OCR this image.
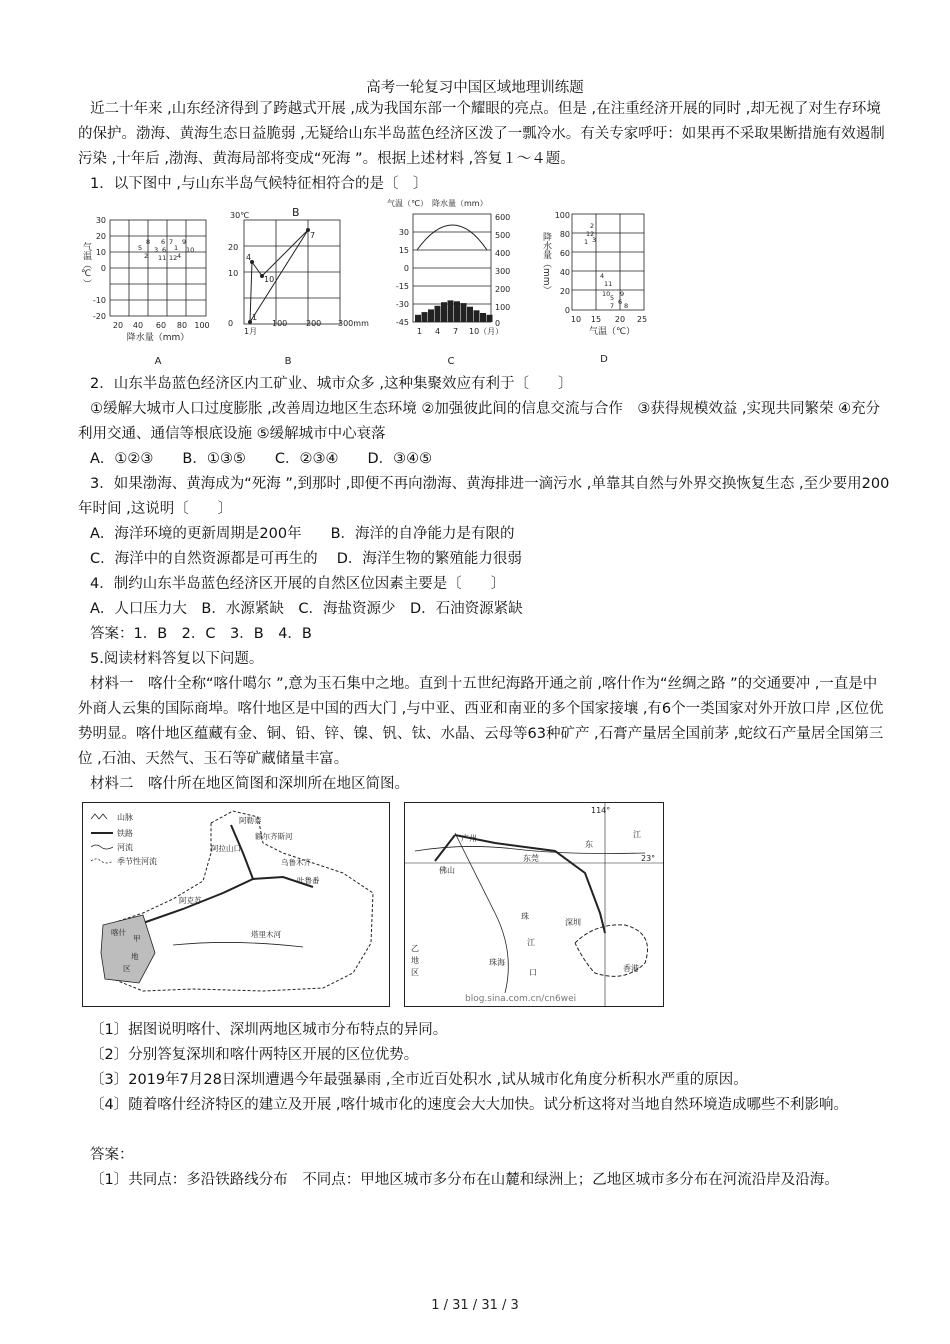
高考一轮复习中国区域地理训练题
近二十年来 ,山东经济得到了跨越式开展 ,成为我国东部一个耀眼的亮点。但是 ,在注重经济开展的同时 ,却无视了对生存环境的保护。渤海、黄海生态日益脆弱 ,无疑给山东半岛蓝色经济区泼了一瓢冷水。有关专家呼吁：如果再不采取果断措施有效遏制污染 ,十年后 ,渤海、黄海局部将变成“死海 ”。根据上述材料 ,答复１～４题。
1．以下图中 ,与山东半岛气候特征相符合的是〔　〕
30
20
10
0
-10
-20
20 40 60 80 100
降水量（mm）
气温（℃）	8
5
6 7
2
3 6
12
11
1
4
9
10
A
30℃	B
20
10
0
1月
100 200 300mm
1
4
7
10
B
气温（℃）　降水量（mm）
30
15
0
-15
-30
-45
600
500
400
300
200
100
0
1 4 7 10（月）
C
100
80
60
40
20
0
10 15 20 25
气温（℃）
降水量（mm）
2
12
3
1
4
11
10 9
5 6
7 8
D
2．山东半岛蓝色经济区内工矿业、城市众多 ,这种集聚效应有利于〔　　〕
①缓解大城市人口过度膨胀 ,改善周边地区生态环境 ②加强彼此间的信息交流与合作　③获得规模效益 ,实现共同繁荣 ④充分利用交通、通信等根底设施 ⑤缓解城市中心衰落
A．①②③　　B．①③⑤　　C．②③④　　D．③④⑤
3．如果渤海、黄海成为“死海 ”,到那时 ,即便不再向渤海、黄海排进一滴污水 ,单靠其自然与外界交换恢复生态 ,至少要用200年时间 ,这说明〔　　〕
A．海洋环境的更新周期是200年　　B．海洋的自净能力是有限的
C．海洋中的自然资源都是可再生的　 D．海洋生物的繁殖能力很弱
4．制约山东半岛蓝色经济区开展的自然区位因素主要是〔　　〕
A．人口压力大　B．水源紧缺　C．海盐资源少　D．石油资源紧缺
答案：1．B　2．C　3．B　4．B
5.阅读材料答复以下问题。
材料一　喀什全称“喀什噶尔 ”,意为玉石集中之地。直到十五世纪海路开通之前 ,喀什作为“丝绸之路 ”的交通要冲 ,一直是中外商人云集的国际商埠。喀什地区是中国的西大门 ,与中亚、西亚和南亚的多个国家接壤 ,有6个一类国家对外开放口岸 ,区位优势明显。喀什地区蕴藏有金、铜、铅、锌、镍、钒、钛、水晶、云母等63种矿产 ,石膏产量居全国前茅 ,蛇纹石产量居全国第三位 ,石油、天然气、玉石等矿藏储量丰富。
材料二　喀什所在地区简图和深圳所在地区简图。
山脉
铁路
河流
季节性河流
阿勒泰
额尔齐斯河
阿拉山口
乌鲁木齐
吐鲁番
阿克苏
塔里木河
喀什
甲
地
区
114°
广州
东
江
23°
佛山
东莞
珠
深圳
江
口
珠海
香港
乙
地
区
blog.sina.com.cn/cn6wei
〔1〕据图说明喀什、深圳两地区城市分布特点的异同。
〔2〕分别答复深圳和喀什两特区开展的区位优势。
〔3〕2019年7月28日深圳遭遇今年最强暴雨 ,全市近百处积水 ,试从城市化角度分析积水严重的原因。
〔4〕随着喀什经济特区的建立及开展 ,喀什城市化的速度会大大加快。试分析这将对当地自然环境造成哪些不利影响。
答案：
〔1〕共同点：多沿铁路线分布　不同点：甲地区城市多分布在山麓和绿洲上；乙地区城市多分布在河流沿岸及沿海。
1 / 31 / 31 / 3
